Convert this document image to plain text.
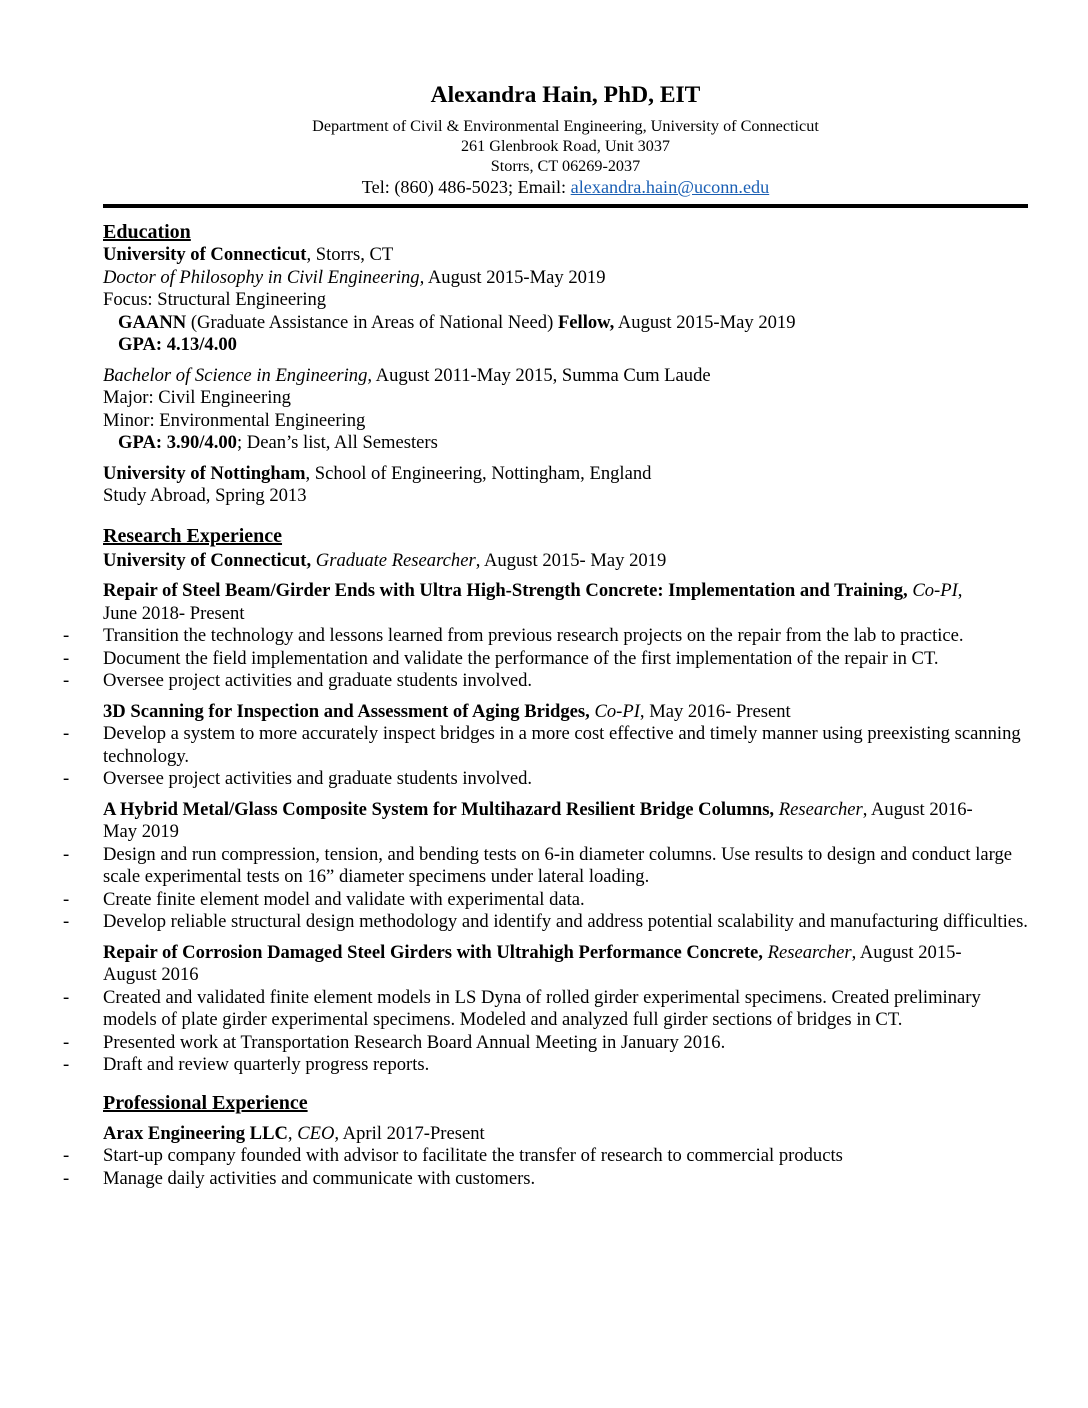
Alexandra Hain, PhD, EIT
Department of Civil & Environmental Engineering, University of Connecticut
261 Glenbrook Road, Unit 3037
Storrs, CT 06269-2037
Tel: (860) 486-5023; Email: alexandra.hain@uconn.edu
Education
University of Connecticut, Storrs, CT
Doctor of Philosophy in Civil Engineering, August 2015-May 2019
Focus: Structural Engineering
GAANN (Graduate Assistance in Areas of National Need) Fellow, August 2015-May 2019
GPA: 4.13/4.00
Bachelor of Science in Engineering, August 2011-May 2015, Summa Cum Laude
Major: Civil Engineering
Minor: Environmental Engineering
GPA: 3.90/4.00; Dean’s list, All Semesters
University of Nottingham, School of Engineering, Nottingham, England
Study Abroad, Spring 2013
Research Experience
University of Connecticut, Graduate Researcher, August 2015- May 2019
Repair of Steel Beam/Girder Ends with Ultra High-Strength Concrete: Implementation and Training, Co-PI,
June 2018- Present
- Transition the technology and lessons learned from previous research projects on the repair from the lab to practice.
- Document the field implementation and validate the performance of the first implementation of the repair in CT.
- Oversee project activities and graduate students involved.
3D Scanning for Inspection and Assessment of Aging Bridges, Co-PI, May 2016- Present
- Develop a system to more accurately inspect bridges in a more cost effective and timely manner using preexisting scanning technology.
- Oversee project activities and graduate students involved.
A Hybrid Metal/Glass Composite System for Multihazard Resilient Bridge Columns, Researcher, August 2016-
May 2019
- Design and run compression, tension, and bending tests on 6-in diameter columns. Use results to design and conduct large scale experimental tests on 16” diameter specimens under lateral loading.
- Create finite element model and validate with experimental data.
- Develop reliable structural design methodology and identify and address potential scalability and manufacturing difficulties.
Repair of Corrosion Damaged Steel Girders with Ultrahigh Performance Concrete, Researcher, August 2015-
August 2016
- Created and validated finite element models in LS Dyna of rolled girder experimental specimens. Created preliminary models of plate girder experimental specimens. Modeled and analyzed full girder sections of bridges in CT.
- Presented work at Transportation Research Board Annual Meeting in January 2016.
- Draft and review quarterly progress reports.
Professional Experience
Arax Engineering LLC, CEO, April 2017-Present
- Start-up company founded with advisor to facilitate the transfer of research to commercial products
- Manage daily activities and communicate with customers.
